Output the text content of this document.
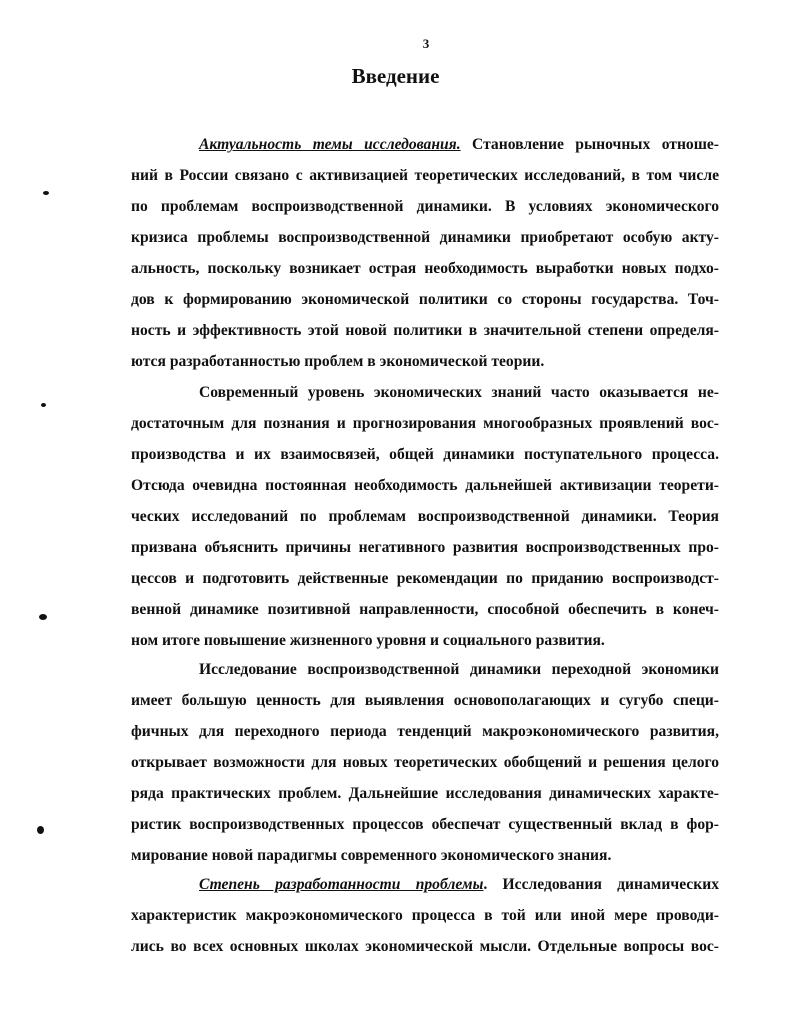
3
Введение
Актуальность темы исследования. Становление рыночных отноше-
ний в России связано с активизацией теоретических исследований, в том числе
по проблемам воспроизводственной динамики. В условиях экономического
кризиса проблемы воспроизводственной динамики приобретают особую акту-
альность, поскольку возникает острая необходимость выработки новых подхо-
дов к формированию экономической политики со стороны государства. Точ-
ность и эффективность этой новой политики в значительной степени определя-
ются разработанностью проблем в экономической теории.
Современный уровень экономических знаний часто оказывается не-
достаточным для познания и прогнозирования многообразных проявлений вос-
производства и их взаимосвязей, общей динамики поступательного процесса.
Отсюда очевидна постоянная необходимость дальнейшей активизации теорети-
ческих исследований по проблемам воспроизводственной динамики. Теория
призвана объяснить причины негативного развития воспроизводственных про-
цессов и подготовить действенные рекомендации по приданию воспроизводст-
венной динамике позитивной направленности, способной обеспечить в конеч-
ном итоге повышение жизненного уровня и социального развития.
Исследование воспроизводственной динамики переходной экономики
имеет большую ценность для выявления основополагающих и сугубо специ-
фичных для переходного периода тенденций макроэкономического развития,
открывает возможности для новых теоретических обобщений и решения целого
ряда практических проблем. Дальнейшие исследования динамических характе-
ристик воспроизводственных процессов обеспечат существенный вклад в фор-
мирование новой парадигмы современного экономического знания.
Степень разработанности проблемы. Исследования динамических
характеристик макроэкономического процесса в той или иной мере проводи-
лись во всех основных школах экономической мысли. Отдельные вопросы вос-
